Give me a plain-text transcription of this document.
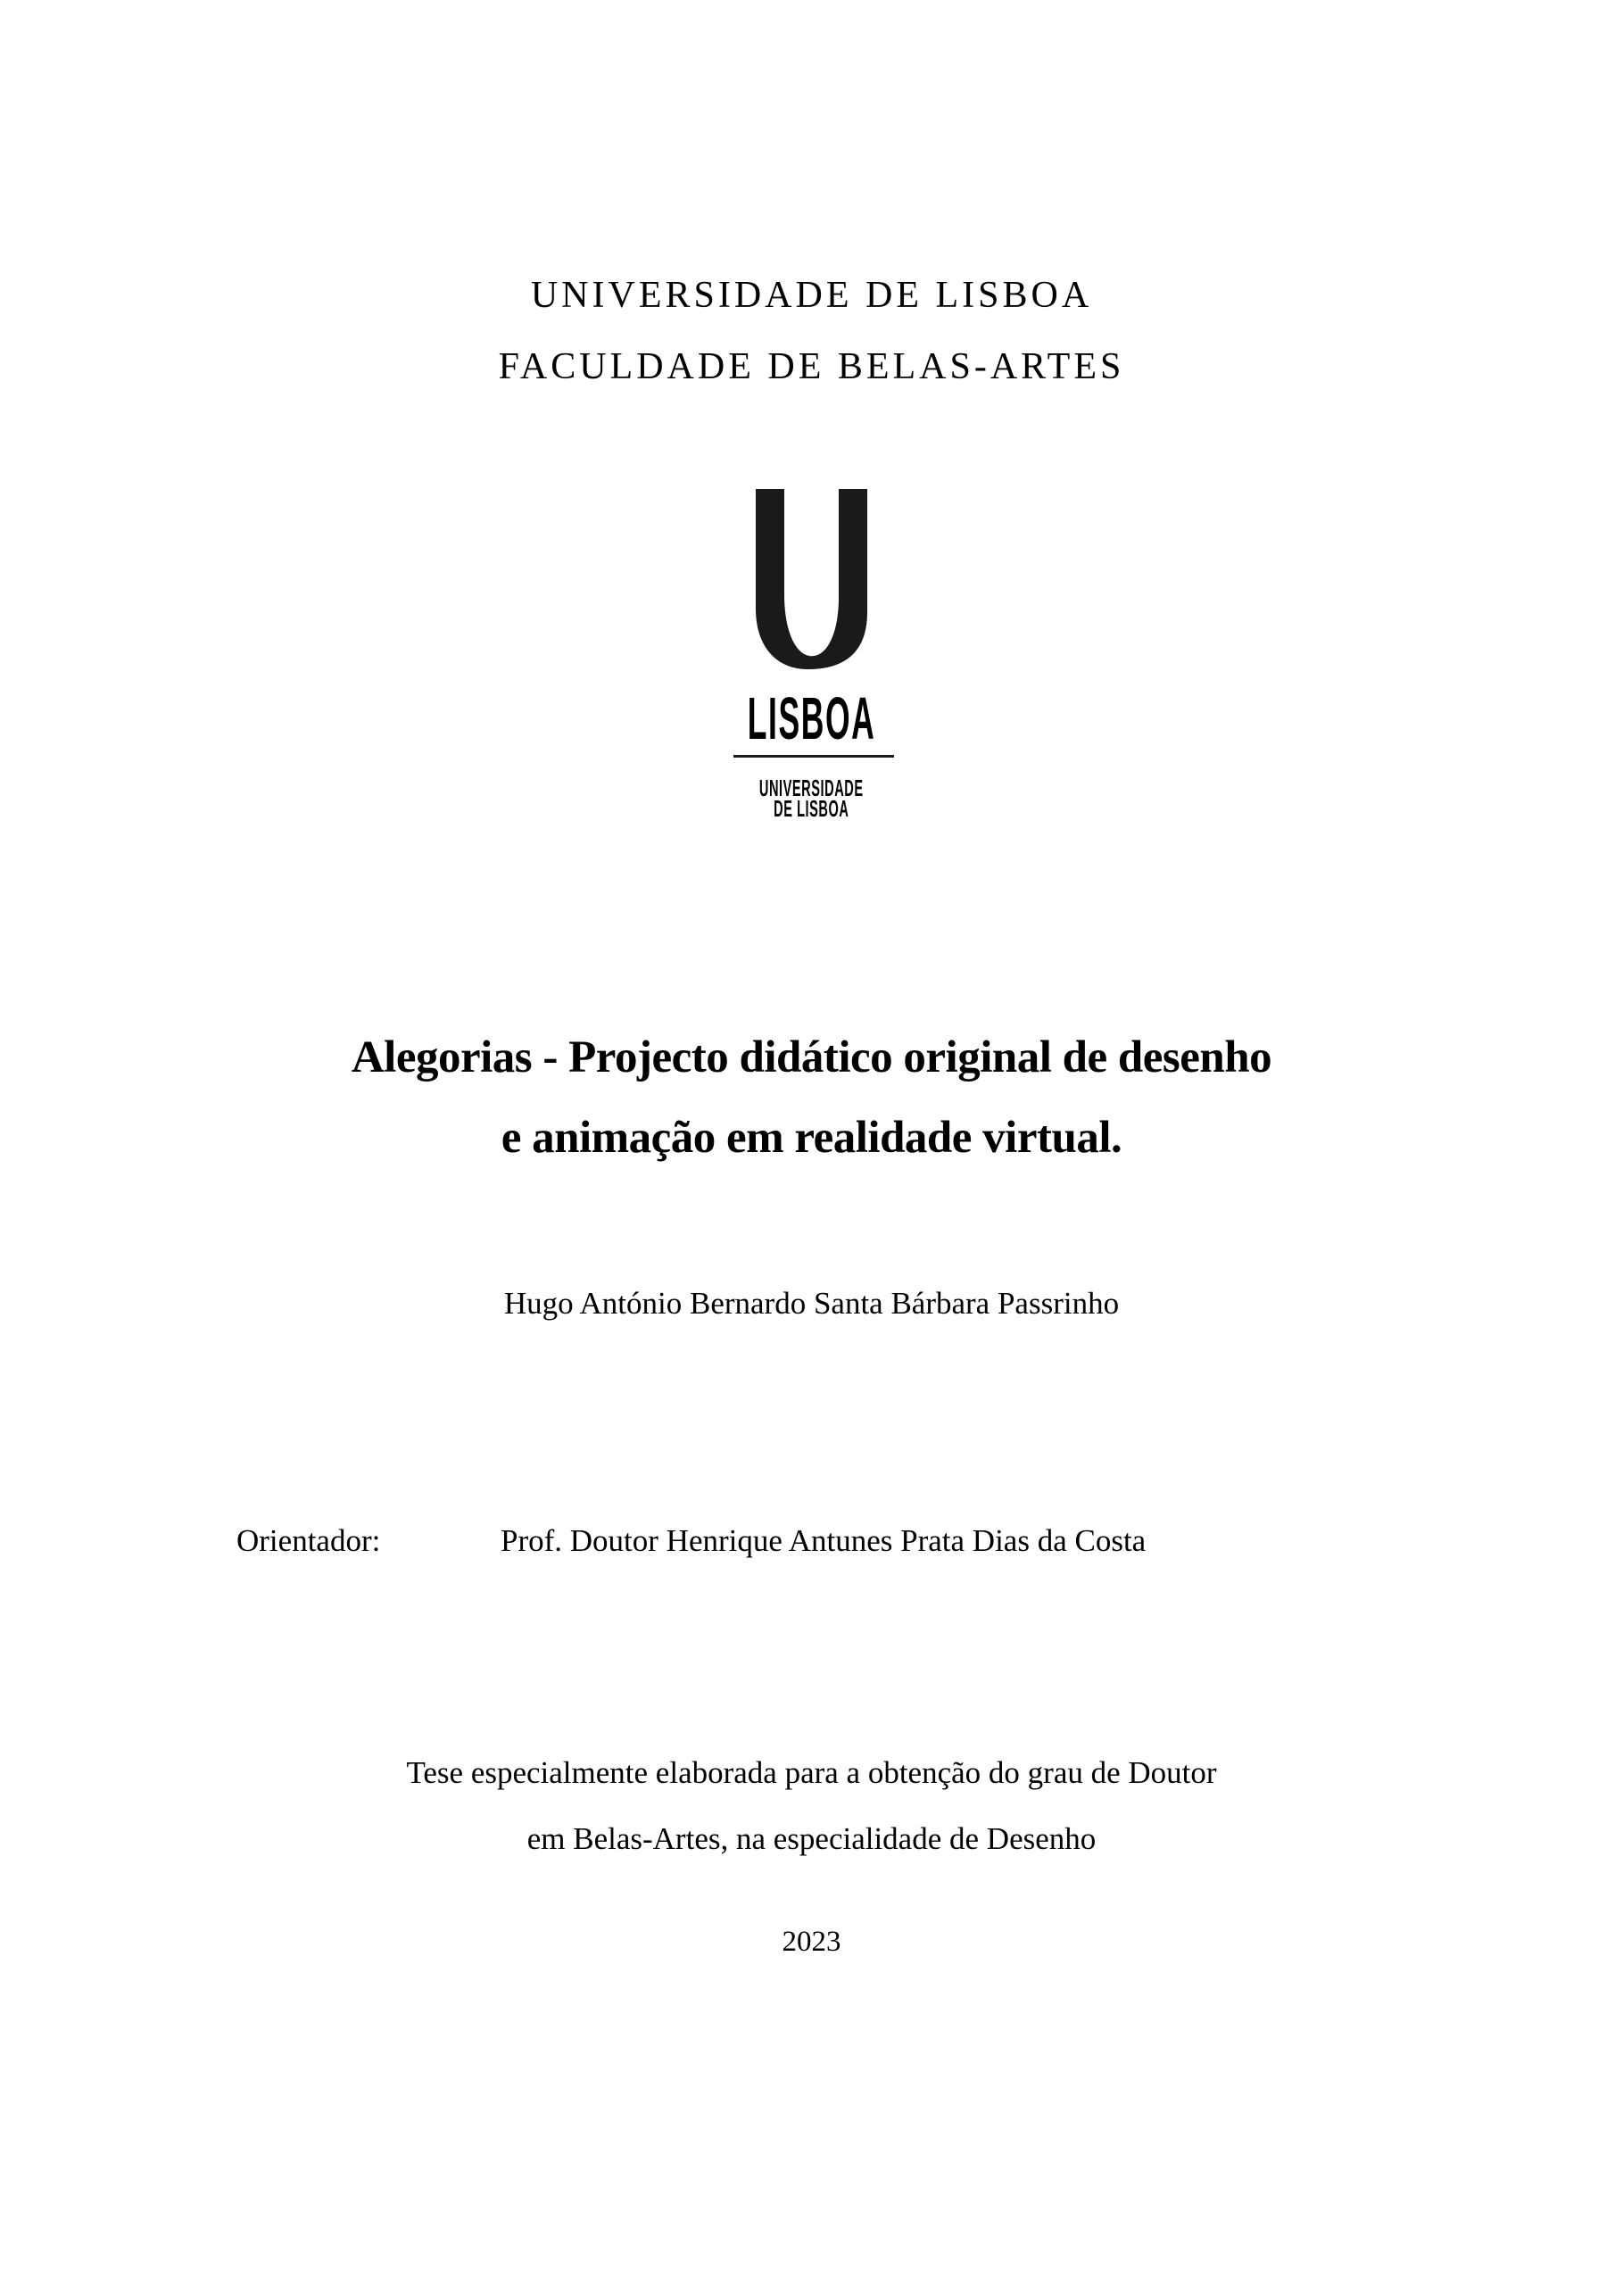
UNIVERSIDADE DE LISBOA
FACULDADE DE BELAS-ARTES
LISBOA
UNIVERSIDADE
DE LISBOA
Alegorias - Projecto didático original de desenho
e animação em realidade virtual.
Hugo António Bernardo Santa Bárbara Passrinho
Orientador:	Prof. Doutor Henrique Antunes Prata Dias da Costa
Tese especialmente elaborada para a obtenção do grau de Doutor
em Belas-Artes, na especialidade de Desenho
2023
